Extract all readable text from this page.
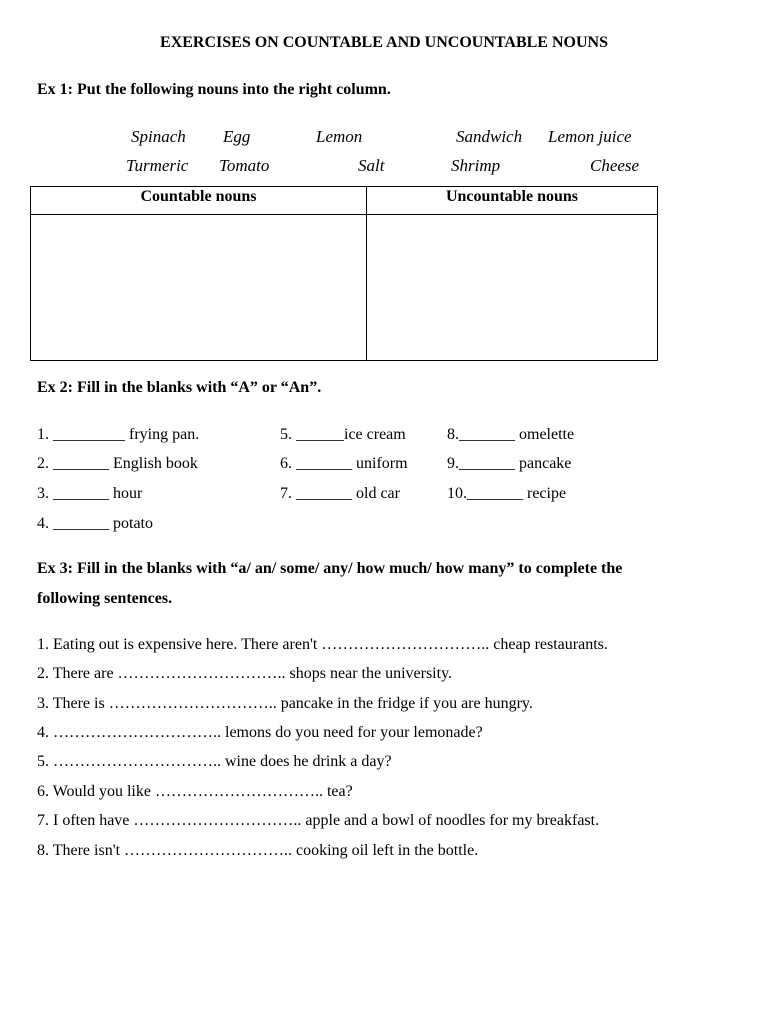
EXERCISES ON COUNTABLE AND UNCOUNTABLE NOUNS
Ex 1: Put the following nouns into the right column.
Spinach Egg	Lemon	Sandwich Lemon juice
Turmeric Tomato	Salt	Shrimp	Cheese
Countable nouns	Uncountable nouns
Ex 2: Fill in the blanks with “A” or “An”.
1. _________ frying pan.
2. _______ English book
3. _______ hour
4. _______ potato
5. ______ice cream
6. _______ uniform
7. _______ old car
8._______ omelette
9._______ pancake
10._______ recipe
Ex 3: Fill in the blanks with “a/ an/ some/ any/ how much/ how many” to complete the
following sentences.
1. Eating out is expensive here. There aren't ………………………….. cheap restaurants.
2. There are ………………………….. shops near the university.
3. There is ………………………….. pancake in the fridge if you are hungry.
4. ………………………….. lemons do you need for your lemonade?
5. ………………………….. wine does he drink a day?
6. Would you like ………………………….. tea?
7. I often have ………………………….. apple and a bowl of noodles for my breakfast.
8. There isn't ………………………….. cooking oil left in the bottle.
